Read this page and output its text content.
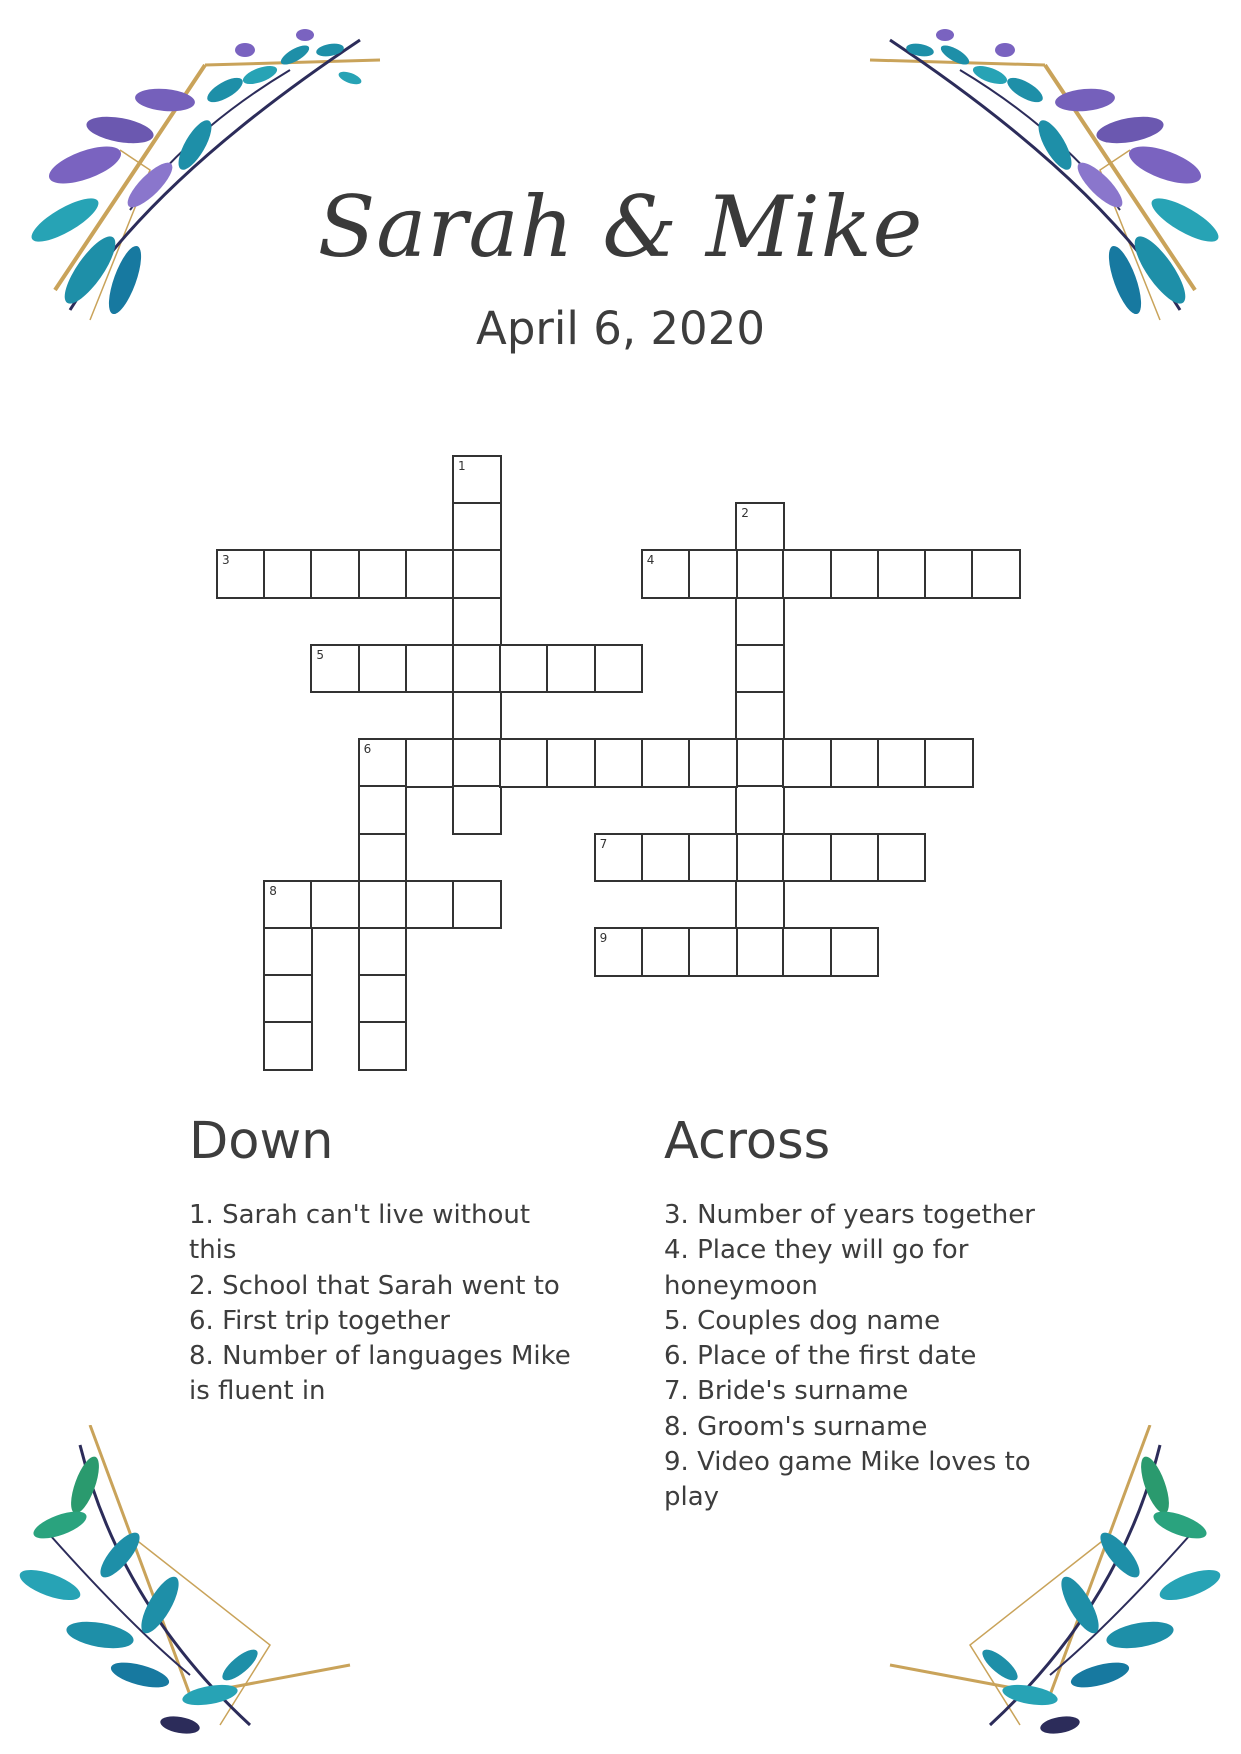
Sarah & Mike
April 6, 2020
1
2
3	4
5
6
7
8
9
Down
1. Sarah can't live without this
2. School that Sarah went to
6. First trip together
8. Number of languages Mike is fluent in
Across
3. Number of years together
4. Place they will go for honeymoon
5. Couples dog name
6. Place of the first date
7. Bride's surname
8. Groom's surname
9. Video game Mike loves to play
